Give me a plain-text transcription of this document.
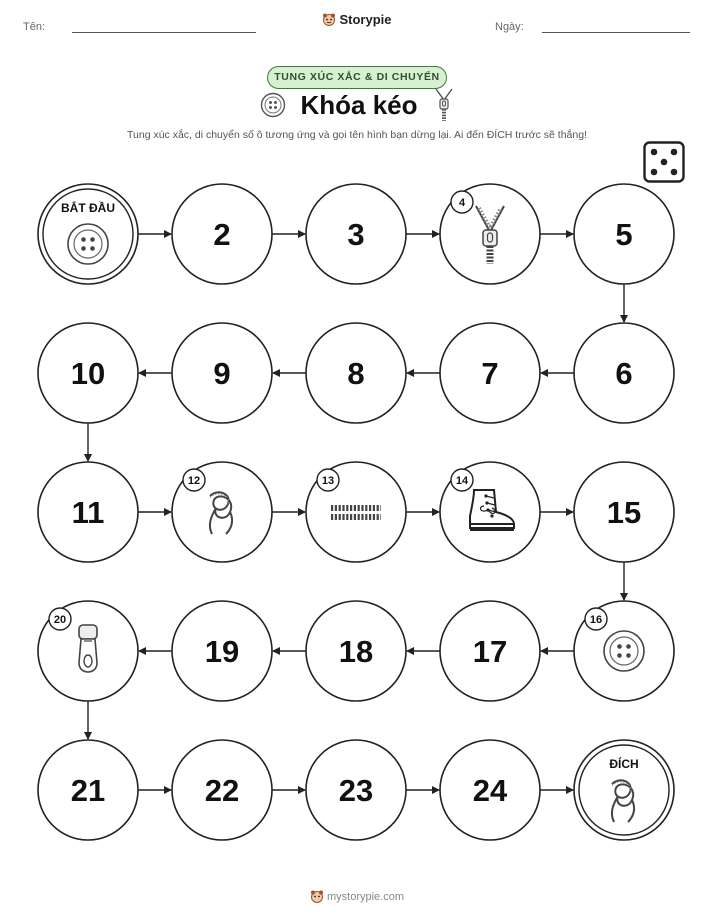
Tên:	Ngày:
Storypie
TUNG XÚC XẮC & DI CHUYỂN
Khóa kéo
Tung xúc xắc, di chuyển số ô tương ứng và gọi tên hình bạn dừng lại. Ai đến ĐÍCH trước sẽ thắng!
BẮT ĐẦU
2	3
4
5
6
7
8
9
10
11
12	13	14
15
16
17
18
19
20
21	22	23	24
ĐÍCH
mystorypie.com
